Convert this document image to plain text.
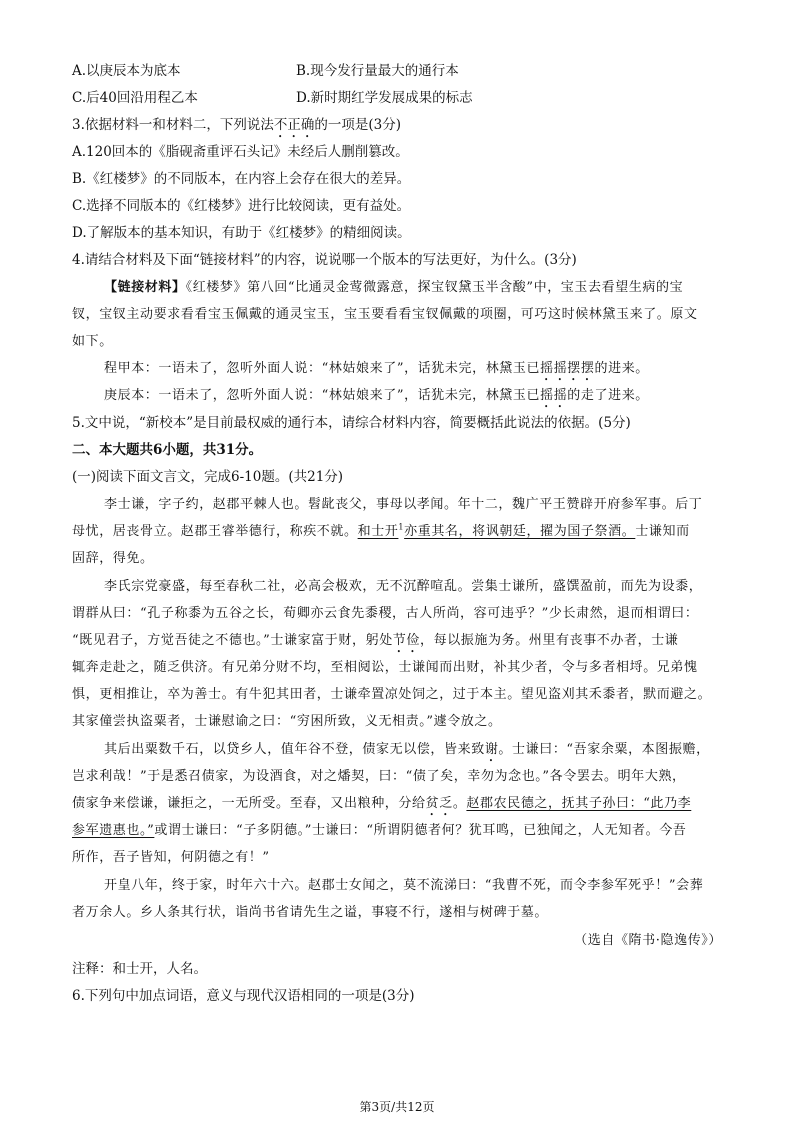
A.以庚辰本为底本	B.现今发行量最大的通行本
C.后40回沿用程乙本	D.新时期红学发展成果的标志
3.依据材料一和材料二，下列说法不正确的一项是(3分)
A.120回本的《脂砚斋重评石头记》未经后人删削篡改。
B.《红楼梦》的不同版本，在内容上会存在很大的差异。
C.选择不同版本的《红楼梦》进行比较阅读，更有益处。
D.了解版本的基本知识，有助于《红楼梦》的精细阅读。
4.请结合材料及下面“链接材料”的内容，说说哪一个版本的写法更好，为什么。(3分)
【链接材料】《红楼梦》第八回“比通灵金莺微露意，探宝钗黛玉半含酸”中，宝玉去看望生病的宝
钗，宝钗主动要求看看宝玉佩戴的通灵宝玉，宝玉要看看宝钗佩戴的项圈，可巧这时候林黛玉来了。原文
如下。
程甲本：一语未了，忽听外面人说：“林姑娘来了”，话犹未完，林黛玉已摇摇摆摆的进来。
庚辰本：一语未了，忽听外面人说：“林姑娘来了”，话犹未完，林黛玉已摇摇的走了进来。
5.文中说，“新校本”是目前最权威的通行本，请综合材料内容，简要概括此说法的依据。(5分)
二、本大题共6小题，共31分。
(一)阅读下面文言文，完成6-10题。(共21分)
李士谦，字子约，赵郡平棘人也。髫龀丧父，事母以孝闻。年十二，魏广平王赞辟开府参军事。后丁
母忧，居丧骨立。赵郡王睿举德行，称疾不就。和士开$^1$亦重其名，将讽朝廷，擢为国子祭酒。士谦知而
固辞，得免。
李氏宗党豪盛，每至春秋二社，必高会极欢，无不沉醉喧乱。尝集士谦所，盛馔盈前，而先为设黍，
谓群从曰：“孔子称黍为五谷之长，荀卿亦云食先黍稷，古人所尚，容可违乎？”少长肃然，退而相谓曰：
“既见君子，方觉吾徒之不德也。”士谦家富于财，躬处节俭，每以振施为务。州里有丧事不办者，士谦
辄奔走赴之，随乏供济。有兄弟分财不均，至相阋讼，士谦闻而出财，补其少者，令与多者相埒。兄弟愧
惧，更相推让，卒为善士。有牛犯其田者，士谦牵置凉处饲之，过于本主。望见盗刈其禾黍者，默而避之。
其家僮尝执盗粟者，士谦慰谕之曰：“穷困所致，义无相责。”遽令放之。
其后出粟数千石，以贷乡人，值年谷不登，债家无以偿，皆来致谢。士谦曰：“吾家余粟，本图振赡，
岂求利哉！”于是悉召债家，为设酒食，对之燔契，曰：“债了矣，幸勿为念也。”各令罢去。明年大熟，
债家争来偿谦，谦拒之，一无所受。至春，又出粮种，分给贫乏。赵郡农民德之，抚其子孙曰：“此乃李
参军遗惠也。”或谓士谦曰：“子多阴德。”士谦曰：“所谓阴德者何？犹耳鸣，已独闻之，人无知者。今吾
所作，吾子皆知，何阴德之有！”
开皇八年，终于家，时年六十六。赵郡士女闻之，莫不流涕曰：“我曹不死，而令李参军死乎！”会葬
者万余人。乡人条其行状，诣尚书省请先生之谥，事寝不行，遂相与树碑于墓。
（选自《隋书·隐逸传》）
注释：和士开，人名。
6.下列句中加点词语，意义与现代汉语相同的一项是(3分)
第3页/共12页
